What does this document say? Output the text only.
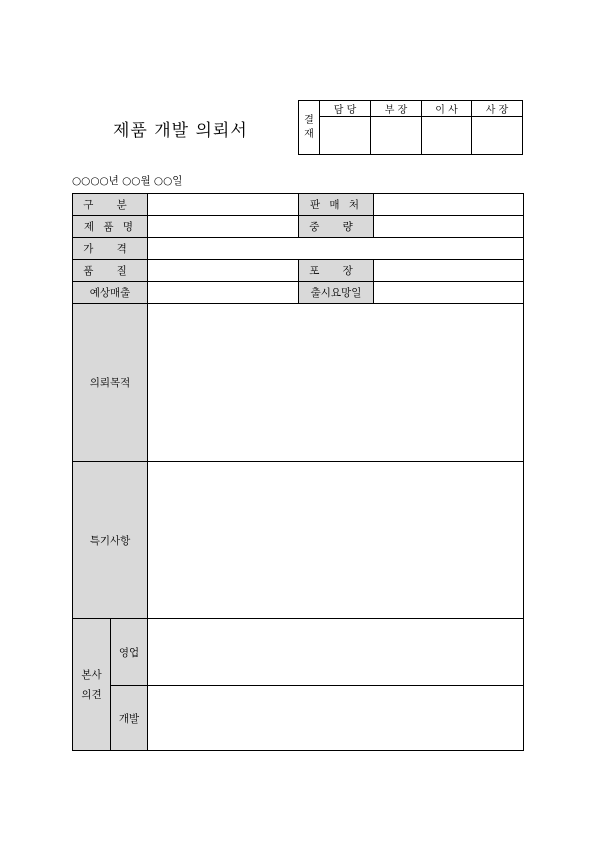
제품 개발 의뢰서
결재	담 당	부 장	이 사	사 장

○○○○년 ○○월 ○○일
구 분			판 매 처	
제 품 명			중 량	
가 격				
품 질			포 장	
예상매출			출시요망일	
의뢰목적				
특기사항				
본사
의견	영업			
	개발			
